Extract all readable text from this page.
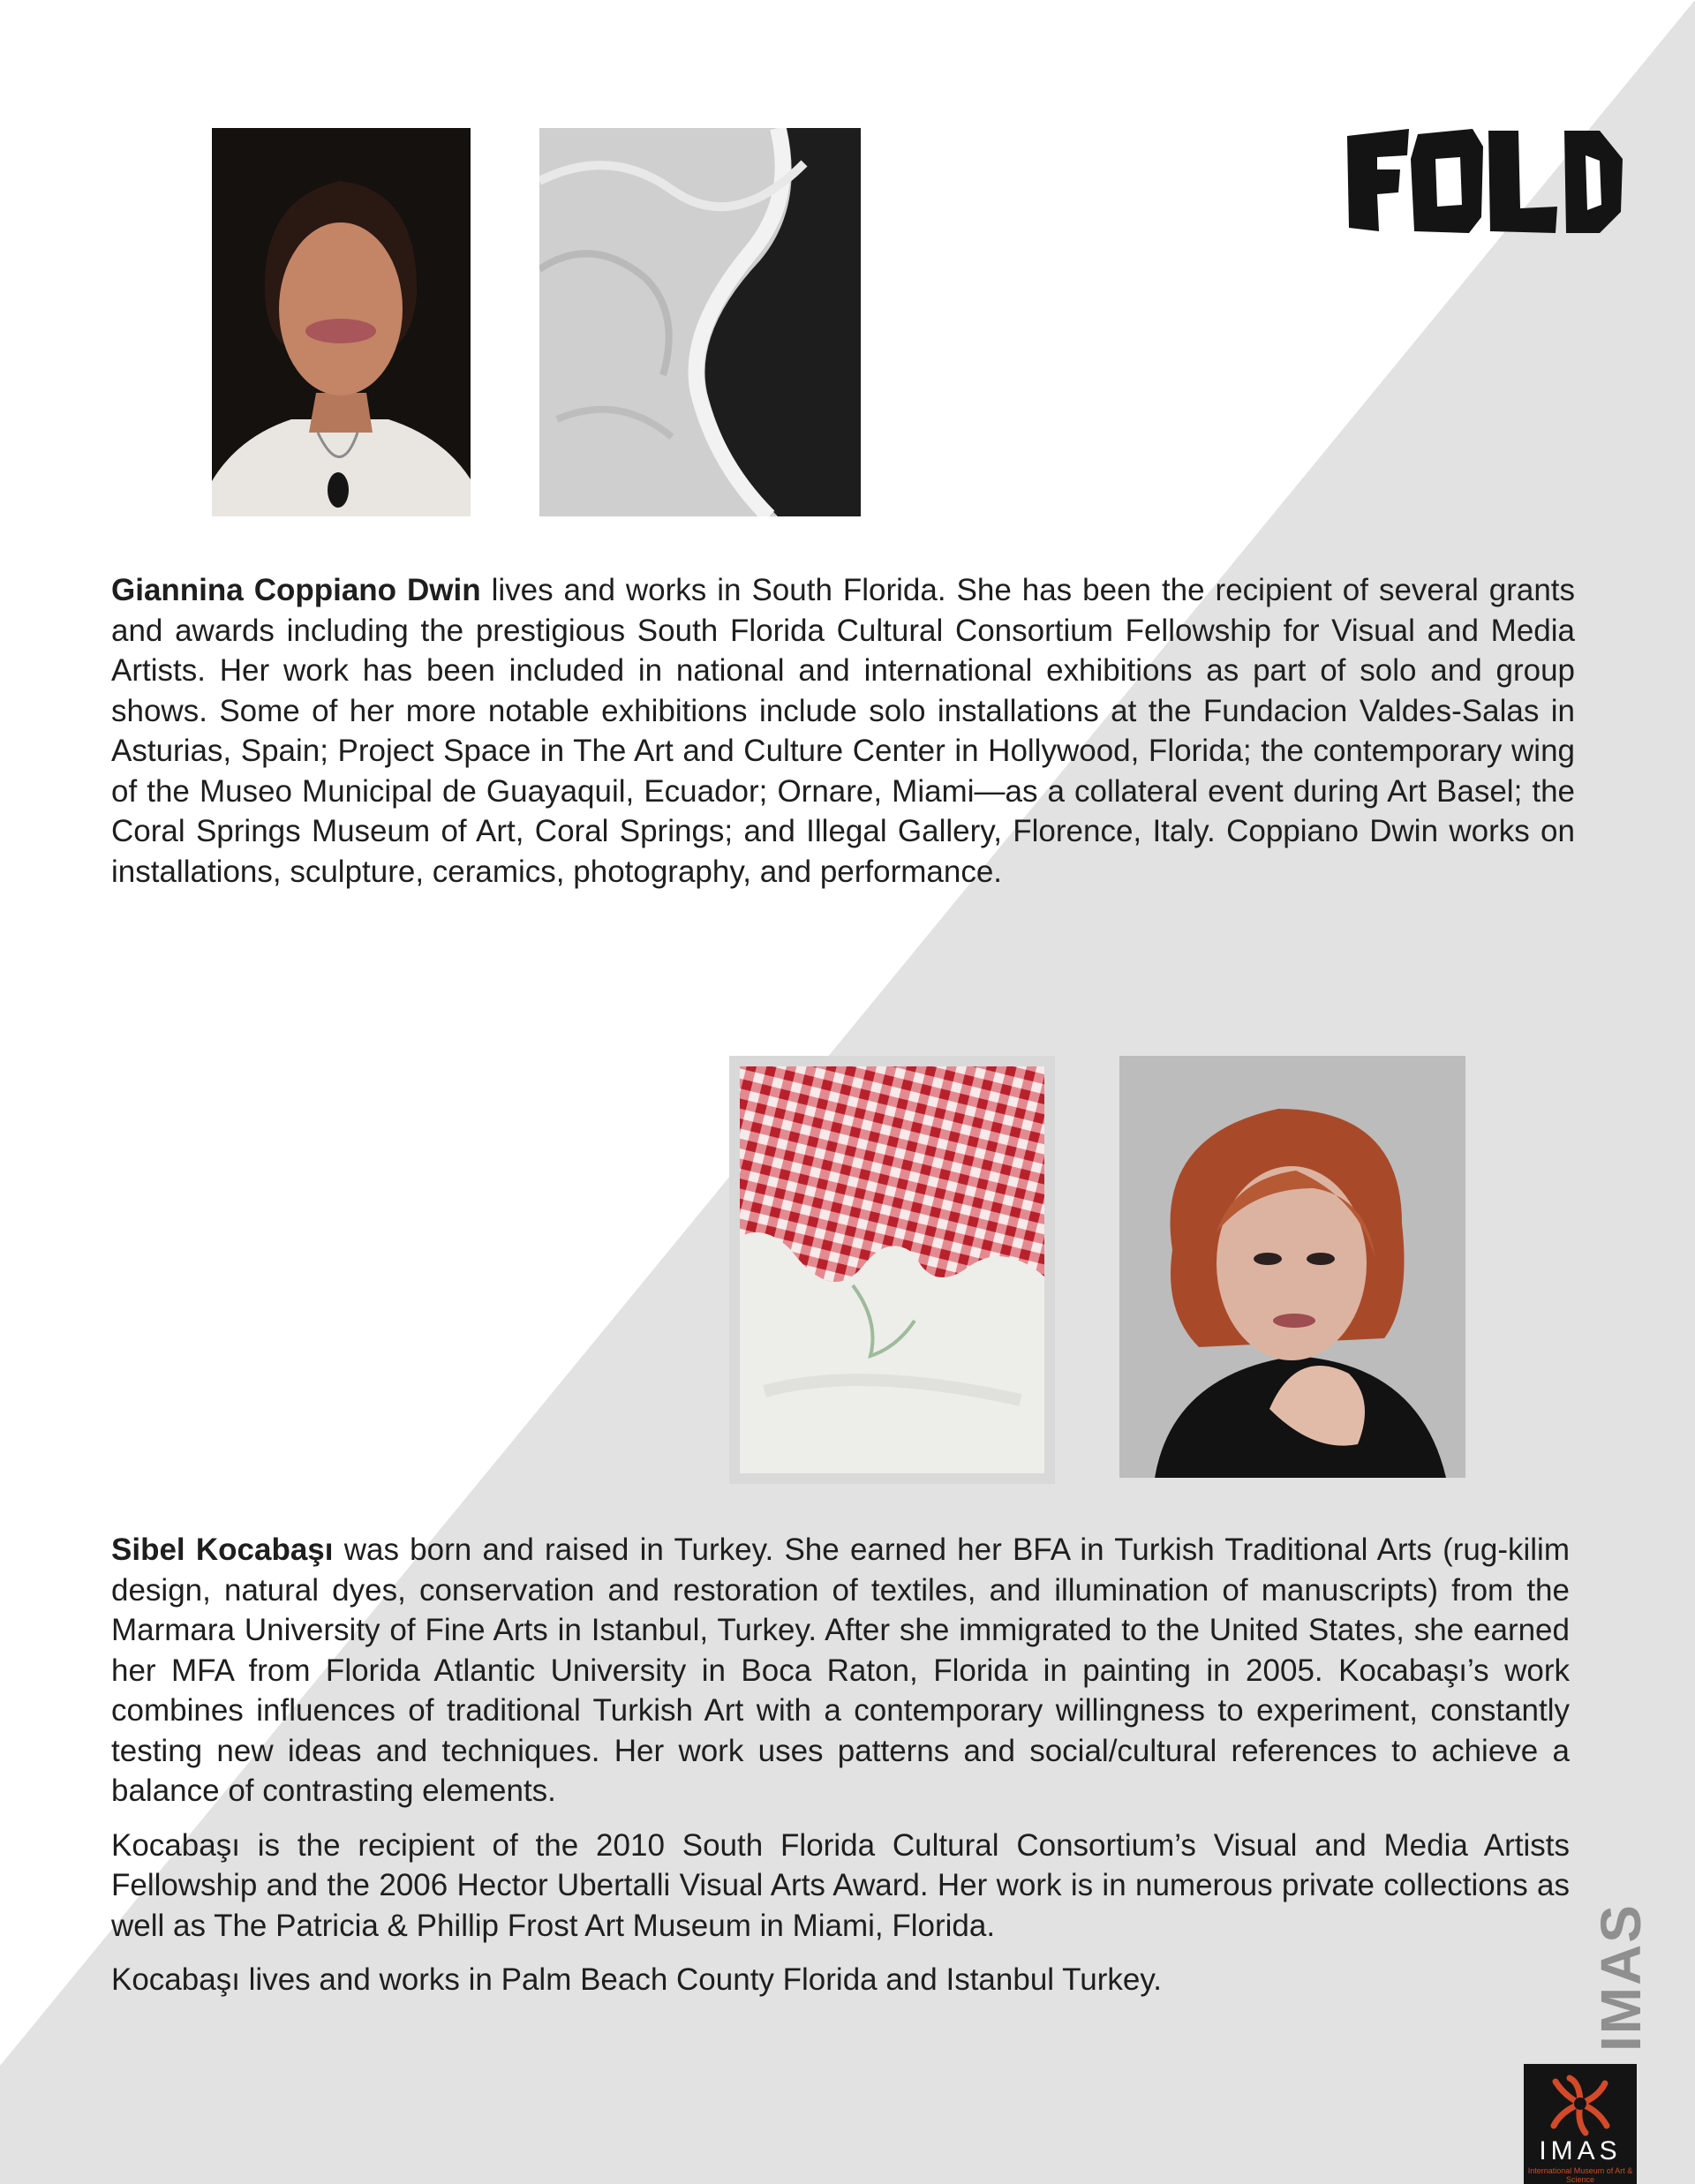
Giannina Coppiano Dwin lives and works in South Florida. She has been the recipient of several grants and awards including the prestigious South Florida Cultural Consortium Fellowship for Visual and Media Artists. Her work has been included in national and international exhibitions as part of solo and group shows. Some of her more notable exhibitions include solo installations at the Fundacion Valdes-Salas in Asturias, Spain; Project Space in The Art and Culture Center in Hollywood, Florida; the contemporary wing of the Museo Municipal de Guayaquil, Ecuador; Ornare, Miami—as a collateral event during Art Basel; the Coral Springs Museum of Art, Coral Springs; and Illegal Gallery, Florence, Italy. Coppiano Dwin works on installations, sculpture, ceramics, photography, and performance.

Sibel Kocabaşı was born and raised in Turkey. She earned her BFA in Turkish Traditional Arts (rug-kilim design, natural dyes, conservation and restoration of textiles, and illumination of manuscripts) from the Marmara University of Fine Arts in Istanbul, Turkey. After she immigrated to the United States, she earned her MFA from Florida Atlantic University in Boca Raton, Florida in painting in 2005. Kocabaşı’s work combines influences of traditional Turkish Art with a contemporary willingness to experiment, constantly testing new ideas and techniques. Her work uses patterns and social/cultural references to achieve a balance of contrasting elements.

Kocabaşı is the recipient of the 2010 South Florida Cultural Consortium’s Visual and Media Artists Fellowship and the 2006 Hector Ubertalli Visual Arts Award. Her work is in numerous private collections as well as The Patricia & Phillip Frost Art Museum in Miami, Florida.

Kocabaşı lives and works in Palm Beach County Florida and Istanbul Turkey.	IMAS
IMAS
International Museum of Art & Science
